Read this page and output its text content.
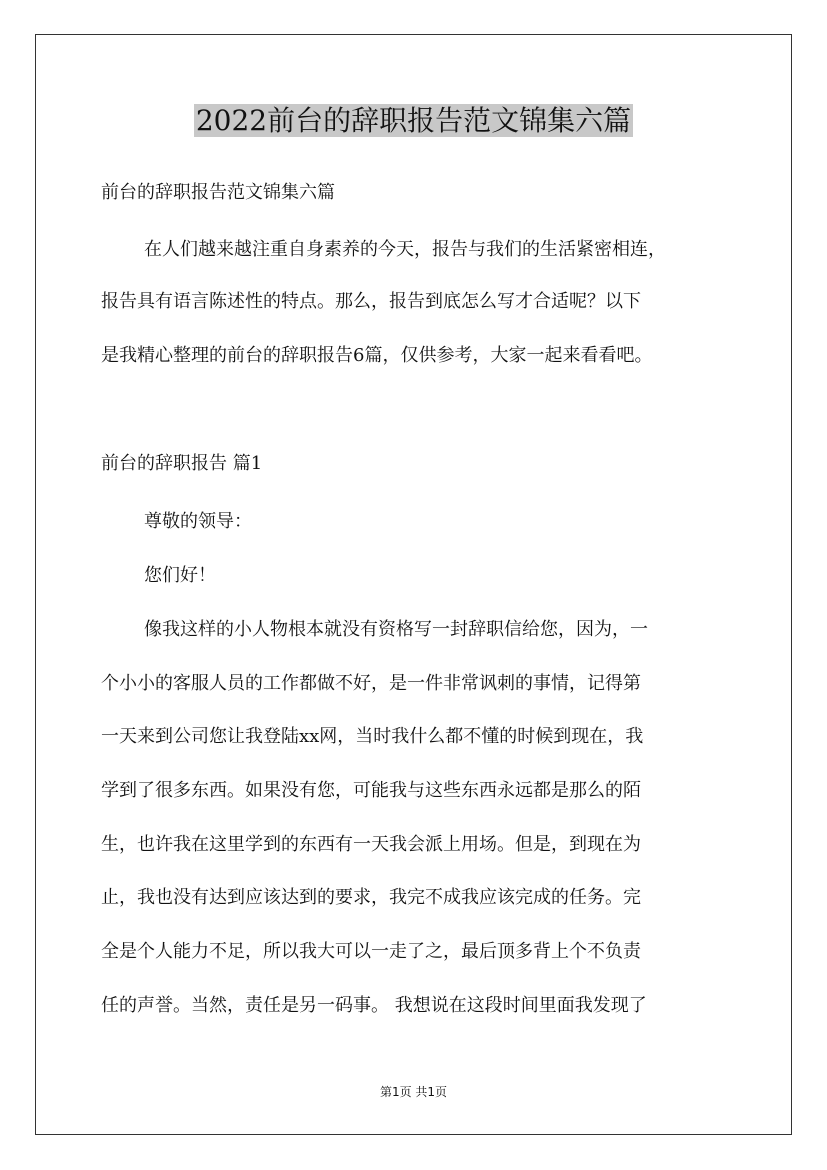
2022前台的辞职报告范文锦集六篇

前台的辞职报告范文锦集六篇

在人们越来越注重自身素养的今天，报告与我们的生活紧密相连，

报告具有语言陈述性的特点。那么，报告到底怎么写才合适呢？以下

是我精心整理的前台的辞职报告6篇，仅供参考，大家一起来看看吧。

前台的辞职报告 篇1

尊敬的领导：

您们好！

像我这样的小人物根本就没有资格写一封辞职信给您，因为，一

个小小的客服人员的工作都做不好，是一件非常讽刺的事情，记得第

一天来到公司您让我登陆xx网，当时我什么都不懂的时候到现在，我

学到了很多东西。如果没有您，可能我与这些东西永远都是那么的陌

生，也许我在这里学到的东西有一天我会派上用场。但是，到现在为

止，我也没有达到应该达到的要求，我完不成我应该完成的任务。完

全是个人能力不足，所以我大可以一走了之，最后顶多背上个不负责

任的声誉。当然，责任是另一码事。 我想说在这段时间里面我发现了

第1页 共1页
